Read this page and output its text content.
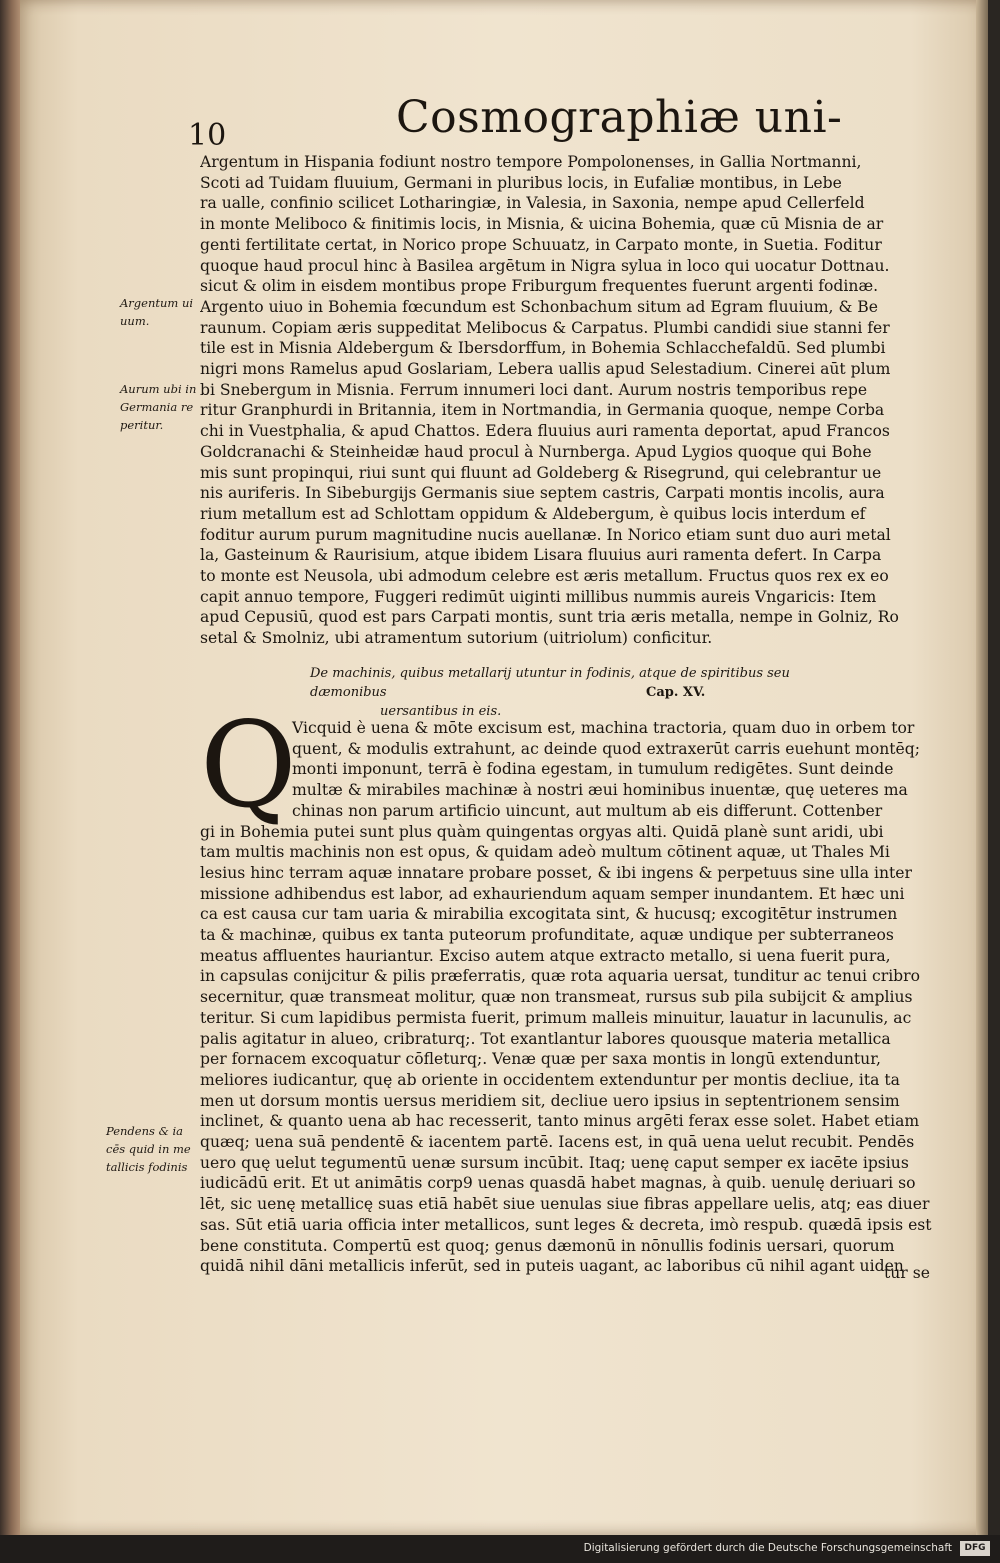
10	Cosmographiæ uni-
Argentum in Hispania fodiunt nostro tempore Pompolonenses, in Gallia Nortmanni,
Scoti ad Tuidam fluuium, Germani in pluribus locis, in Eufaliæ montibus, in Lebe
ra ualle, confinio scilicet Lotharingiæ, in Valesia, in Saxonia, nempe apud Cellerfeld
in monte Meliboco & finitimis locis, in Misnia, & uicina Bohemia, quæ cū Misnia de ar
genti fertilitate certat, in Norico prope Schuuatz, in Carpato monte, in Suetia. Foditur
quoque haud procul hinc à Basilea argētum in Nigra sylua in loco qui uocatur Dottnau.
sicut & olim in eisdem montibus prope Friburgum frequentes fuerunt argenti fodinæ.
Argento uiuo in Bohemia fœcundum est Schonbachum situm ad Egram fluuium, & Be
raunum. Copiam æris suppeditat Melibocus & Carpatus. Plumbi candidi siue stanni fer
tile est in Misnia Aldebergum & Ibersdorffum, in Bohemia Schlacchefaldū. Sed plumbi
nigri mons Ramelus apud Goslariam, Lebera uallis apud Selestadium. Cinerei aūt plum
bi Snebergum in Misnia. Ferrum innumeri loci dant. Aurum nostris temporibus repe
ritur Granphurdi in Britannia, item in Nortmandia, in Germania quoque, nempe Corba
chi in Vuestphalia, & apud Chattos. Edera fluuius auri ramenta deportat, apud Francos
Goldcranachi & Steinheidæ haud procul à Nurnberga. Apud Lygios quoque qui Bohe
mis sunt propinqui, riui sunt qui fluunt ad Goldeberg & Risegrund, qui celebrantur ue
nis auriferis. In Sibeburgijs Germanis siue septem castris, Carpati montis incolis, aura
rium metallum est ad Schlottam oppidum & Aldebergum, è quibus locis interdum ef
foditur aurum purum magnitudine nucis auellanæ. In Norico etiam sunt duo auri metal
la, Gasteinum & Raurisium, atque ibidem Lisara fluuius auri ramenta defert. In Carpa
to monte est Neusola, ubi admodum celebre est æris metallum. Fructus quos rex ex eo
capit annuo tempore, Fuggeri redimūt uiginti millibus nummis aureis Vngaricis: Item
apud Cepusiū, quod est pars Carpati montis, sunt tria æris metalla, nempe in Golniz, Ro
setal & Smolniz, ubi atramentum sutorium (uitriolum) conficitur.
De machinis, quibus metallarij utuntur in fodinis, atque de spiritibus seu dæmonibus
uersantibus in eis.
Cap. XV.
Q
Vicquid è uena & mōte excisum est, machina tractoria, quam duo in orbem tor
quent, & modulis extrahunt, ac deinde quod extraxerūt carris euehunt montēq;
monti imponunt, terrā è fodina egestam, in tumulum redigētes. Sunt deinde
multæ & mirabiles machinæ à nostri æui hominibus inuentæ, quę ueteres ma
chinas non parum artificio uincunt, aut multum ab eis differunt. Cottenber
gi in Bohemia putei sunt plus quàm quingentas orgyas alti. Quidā planè sunt aridi, ubi
tam multis machinis non est opus, & quidam adeò multum cōtinent aquæ, ut Thales Mi
lesius hinc terram aquæ innatare probare posset, & ibi ingens & perpetuus sine ulla inter
missione adhibendus est labor, ad exhauriendum aquam semper inundantem. Et hæc uni
ca est causa cur tam uaria & mirabilia excogitata sint, & hucusq; excogitētur instrumen
ta & machinæ, quibus ex tanta puteorum profunditate, aquæ undique per subterraneos
meatus affluentes hauriantur. Exciso autem atque extracto metallo, si uena fuerit pura,
in capsulas conijcitur & pilis præferratis, quæ rota aquaria uersat, tunditur ac tenui cribro
secernitur, quæ transmeat molitur, quæ non transmeat, rursus sub pila subijcit & amplius
teritur. Si cum lapidibus permista fuerit, primum malleis minuitur, lauatur in lacunulis, ac
palis agitatur in alueo, cribraturq;. Tot exantlantur labores quousque materia metallica
per fornacem excoquatur cōfleturq;. Venæ quæ per saxa montis in longū extenduntur,
meliores iudicantur, quę ab oriente in occidentem extenduntur per montis decliue, ita ta
men ut dorsum montis uersus meridiem sit, decliue uero ipsius in septentrionem sensim
inclinet, & quanto uena ab hac recesserit, tanto minus argēti ferax esse solet. Habet etiam
quæq; uena suā pendentē & iacentem partē. Iacens est, in quā uena uelut recubit. Pendēs
uero quę uelut tegumentū uenæ sursum incūbit. Itaq; uenę caput semper ex iacēte ipsius
iudicādū erit. Et ut animātis corp9 uenas quasdā habet magnas, à quib. uenulę deriuari so
lēt, sic uenę metallicę suas etiā habēt siue uenulas siue fibras appellare uelis, atq; eas diuer
sas. Sūt etiā uaria officia inter metallicos, sunt leges & decreta, imò respub. quædā ipsis est
bene constituta. Compertū est quoq; genus dæmonū in nōnullis fodinis uersari, quorum
quidā nihil dāni metallicis inferūt, sed in puteis uagant, ac laboribus cū nihil agant uiden
tur se
Argentum ui
uum.
Aurum ubi in
Germania re
peritur.
Pendens & ia
cēs quid in me
tallicis fodinis
Digitalisierung gefördert durch die Deutsche Forschungsgemeinschaft	DFG
